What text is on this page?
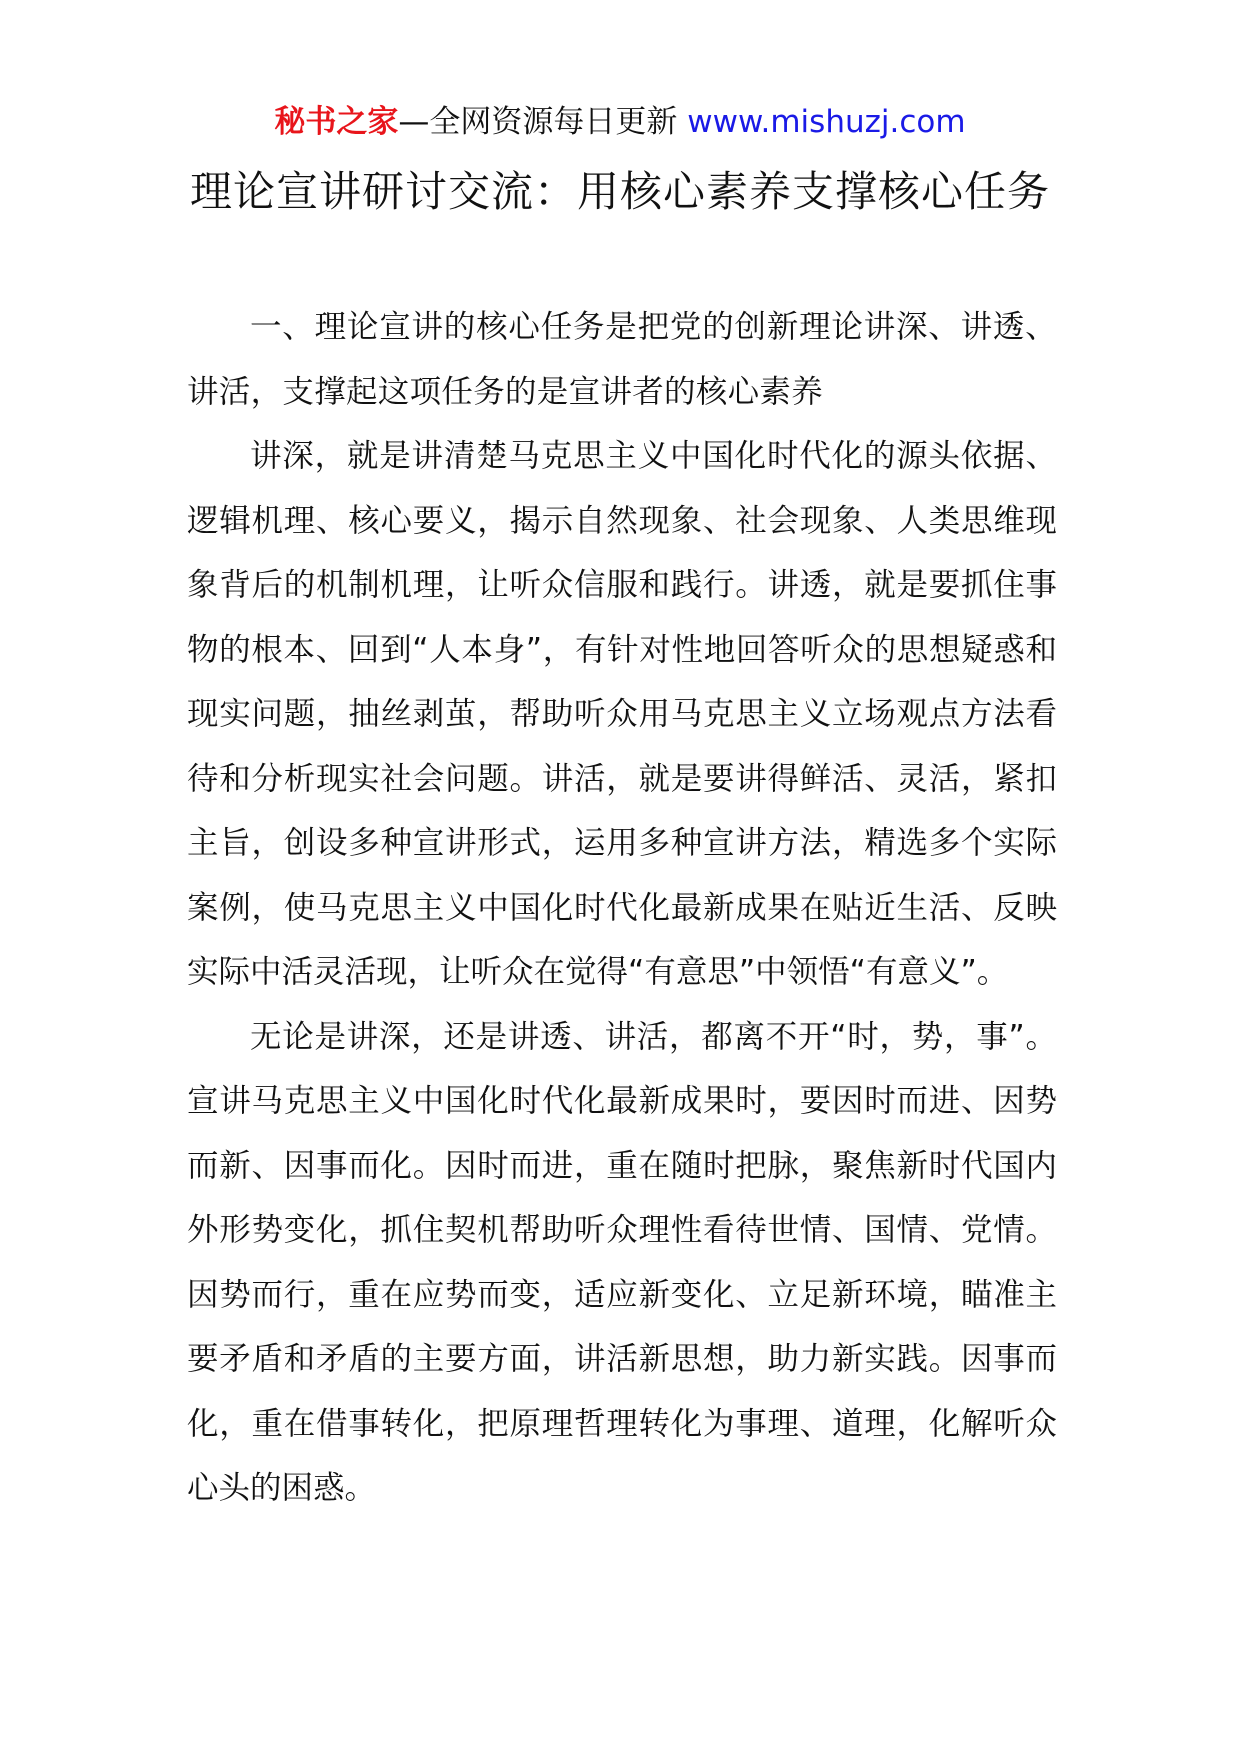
秘书之家—全网资源每日更新 www.mishuzj.com
理论宣讲研讨交流：用核心素养支撑核心任务

一、理论宣讲的核心任务是把党的创新理论讲深、讲透、讲活，支撑起这项任务的是宣讲者的核心素养

讲深，就是讲清楚马克思主义中国化时代化的源头依据、逻辑机理、核心要义，揭示自然现象、社会现象、人类思维现象背后的机制机理，让听众信服和践行。讲透，就是要抓住事物的根本、回到“人本身”，有针对性地回答听众的思想疑惑和现实问题，抽丝剥茧，帮助听众用马克思主义立场观点方法看待和分析现实社会问题。讲活，就是要讲得鲜活、灵活，紧扣主旨，创设多种宣讲形式，运用多种宣讲方法，精选多个实际案例，使马克思主义中国化时代化最新成果在贴近生活、反映实际中活灵活现，让听众在觉得“有意思”中领悟“有意义”。

无论是讲深，还是讲透、讲活，都离不开“时，势，事”。宣讲马克思主义中国化时代化最新成果时，要因时而进、因势而新、因事而化。因时而进，重在随时把脉，聚焦新时代国内外形势变化，抓住契机帮助听众理性看待世情、国情、党情。因势而行，重在应势而变，适应新变化、立足新环境，瞄准主要矛盾和矛盾的主要方面，讲活新思想，助力新实践。因事而化，重在借事转化，把原理哲理转化为事理、道理，化解听众心头的困惑。
